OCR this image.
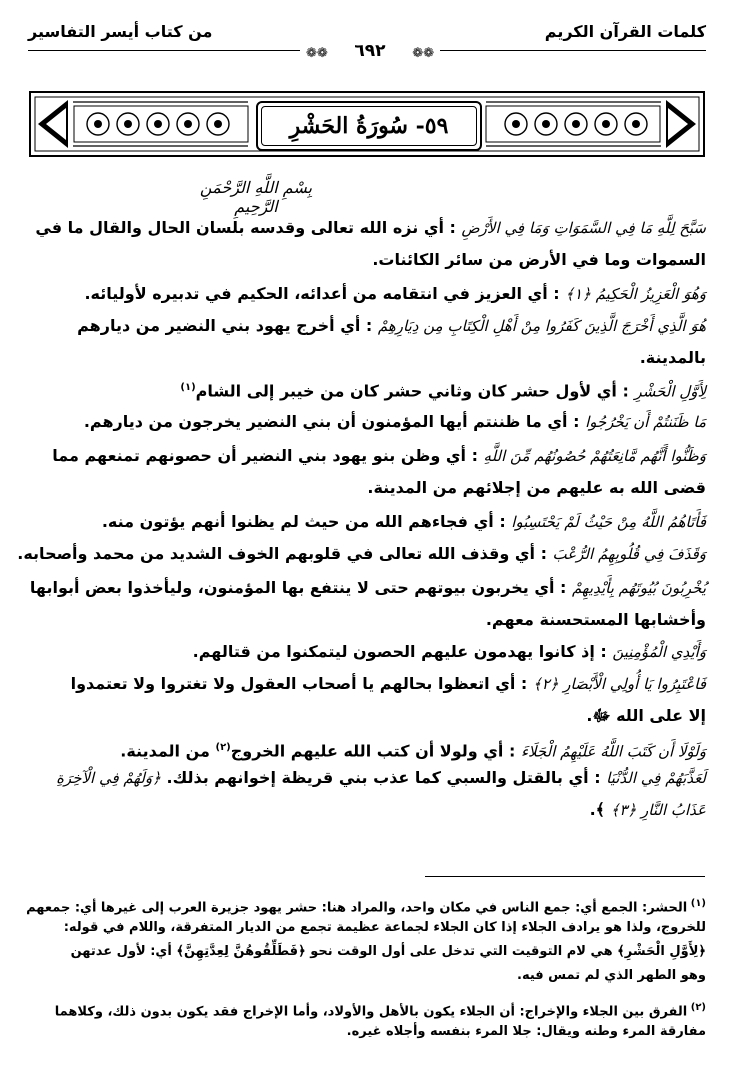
كلمات القرآن الكريم
من كتاب أيسر التفاسير
❁❁	٦٩٢	❁❁
٥٩- سُورَةُ الحَشْرِ
بِسْمِ اللَّهِ الرَّحْمَنِ الرَّحِيمِ
سَبَّحَ لِلَّهِ مَا فِي السَّمَوَاتِ وَمَا فِي الأَرْضِ : أي نزه الله تعالى وقدسه بلسان الحال والقال ما في
السموات وما في الأرض من سائر الكائنات.
وَهُوَ الْعَزِيزُ الْحَكِيمُ ﴿١﴾ : أي العزيز في انتقامه من أعدائه، الحكيم في تدبيره لأوليائه.
هُوَ الَّذِي أَخْرَجَ الَّذِينَ كَفَرُوا مِنْ أَهْلِ الْكِتَابِ مِن دِيَارِهِمْ : أي أخرج يهود بني النضير من ديارهم
بالمدينة.
لِأَوَّلِ الْحَشْرِ : أي لأول حشر كان وثاني حشر كان من خيبر إلى الشام$^{(١)}$
مَا ظَنَنتُمْ أَن يَخْرُجُوا : أي ما ظننتم أيها المؤمنون أن بني النضير يخرجون من ديارهم.
وَظَنُّوا أَنَّهُم مَّانِعَتُهُمْ حُصُونُهُم مِّنَ اللَّهِ : أي وظن بنو يهود بني النضير أن حصونهم تمنعهم مما
قضى الله به عليهم من إجلائهم من المدينة.
فَأَتَاهُمُ اللَّهُ مِنْ حَيْثُ لَمْ يَحْتَسِبُوا : أي فجاءهم الله من حيث لم يظنوا أنهم يؤتون منه.
وَقَذَفَ فِي قُلُوبِهِمُ الرُّعْبَ : أي وقذف الله تعالى في قلوبهم الخوف الشديد من محمد وأصحابه.
يُخْرِبُونَ بُيُوتَهُم بِأَيْدِيهِمْ : أي يخربون بيوتهم حتى لا ينتفع بها المؤمنون، وليأخذوا بعض أبوابها
وأخشابها المستحسنة معهم.
وَأَيْدِي الْمُؤْمِنِينَ : إذ كانوا يهدمون عليهم الحصون ليتمكنوا من قتالهم.
فَاعْتَبِرُوا يَا أُولِي الْأَبْصَارِ ﴿٢﴾ : أي اتعظوا بحالهم يا أصحاب العقول ولا تغتروا ولا تعتمدوا
إلا على الله ﷻ.
وَلَوْلَا أَن كَتَبَ اللَّهُ عَلَيْهِمُ الْجَلَاءَ : أي ولولا أن كتب الله عليهم الخروج$^{(٢)}$ من المدينة.
لَعَذَّبَهُمْ فِي الدُّنْيَا : أي بالقتل والسبي كما عذب بني قريظة إخوانهم بذلك. ﴿وَلَهُمْ فِي الْآخِرَةِ
عَذَابُ النَّارِ ﴿٣﴾ ﴾.
$^{(١)}$ الحشر: الجمع أي: جمع الناس في مكان واحد، والمراد هنا: حشر يهود جزيرة العرب إلى غيرها أي: جمعهم
للخروج، ولذا هو يرادف الجلاء إذا كان الجلاء لجماعة عظيمة تجمع من الديار المتفرقة، واللام في قوله:
﴿لِأَوَّلِ الْحَشْرِ﴾ هي لام التوقيت التي تدخل على أول الوقت نحو ﴿فَطَلِّقُوهُنَّ لِعِدَّتِهِنَّ﴾ أي: لأول عدتهن
وهو الطهر الذي لم تمس فيه.
$^{(٢)}$ الفرق بين الجلاء والإخراج: أن الجلاء يكون بالأهل والأولاد، وأما الإخراج فقد يكون بدون ذلك، وكلاهما
مفارقة المرء وطنه ويقال: جلا المرء بنفسه وأجلاه غيره.
